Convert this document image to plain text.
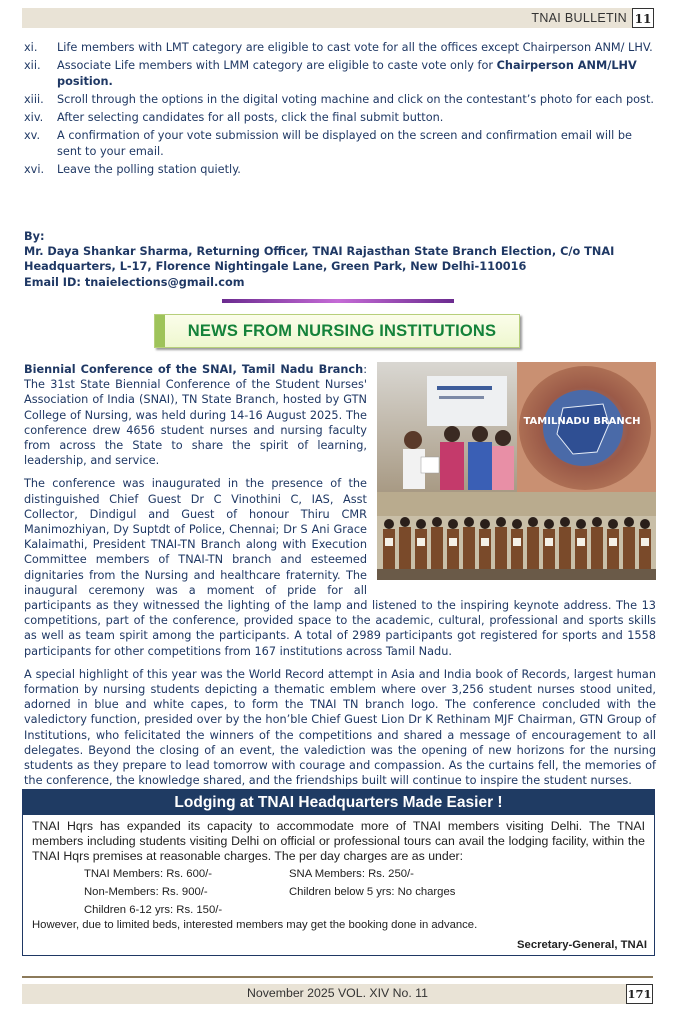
TNAI BULLETIN 11
xi. Life members with LMT category are eligible to cast vote for all the offices except Chairperson ANM/ LHV.
xii. Associate Life members with LMM category are eligible to caste vote only for Chairperson ANM/LHV position.
xiii. Scroll through the options in the digital voting machine and click on the contestant’s photo for each post.
xiv. After selecting candidates for all posts, click the final submit button.
xv. A confirmation of your vote submission will be displayed on the screen and confirmation email will be sent to your email.
xvi. Leave the polling station quietly.
By:
Mr. Daya Shankar Sharma, Returning Officer, TNAI Rajasthan State Branch Election, C/o TNAI Headquarters, L-17, Florence Nightingale Lane, Green Park, New Delhi-110016
Email ID: tnaielections@gmail.com
NEWS FROM NURSING INSTITUTIONS
TAMILNADU BRANCH

Biennial Conference of the SNAI, Tamil Nadu Branch: The 31st State Biennial Conference of the Student Nurses' Association of India (SNAI), TN State Branch, hosted by GTN College of Nursing, was held during 14-16 August 2025. The conference drew 4656 student nurses and nursing faculty from across the State to share the spirit of learning, leadership, and service.

The conference was inaugurated in the presence of the distinguished Chief Guest Dr C Vinothini C, IAS, Asst Collector, Dindigul and Guest of honour Thiru CMR Manimozhiyan, Dy Suptdt of Police, Chennai; Dr S Ani Grace Kalaimathi, President TNAI-TN Branch along with Execution Committee members of TNAI-TN branch and esteemed dignitaries from the Nursing and healthcare fraternity. The inaugural ceremony was a moment of pride for all participants as they witnessed the lighting of the lamp and listened to the inspiring keynote address. The 13 competitions, part of the conference, provided space to the academic, cultural, professional and sports skills as well as team spirit among the participants. A total of 2989 participants got registered for sports and 1558 participants for other competitions from 167 institutions across Tamil Nadu.

A special highlight of this year was the World Record attempt in Asia and India book of Records, largest human formation by nursing students depicting a thematic emblem where over 3,256 student nurses stood united, adorned in blue and white capes, to form the TNAI TN branch logo. The conference concluded with the valedictory function, presided over by the hon’ble Chief Guest Lion Dr K Rethinam MJF Chairman, GTN Group of Institutions, who felicitated the winners of the competitions and shared a message of encouragement to all delegates. Beyond the closing of an event, the valediction was the opening of new horizons for the nursing students as they prepare to lead tomorrow with courage and compassion. As the curtains fell, the memories of the conference, the knowledge shared, and the friendships built will continue to inspire the student nurses.

Lodging at TNAI Headquarters Made Easier !
TNAI Hqrs has expanded its capacity to accommodate more of TNAI members visiting Delhi. The TNAI members including students visiting Delhi on official or professional tours can avail the lodging facility, within the TNAI Hqrs premises at reasonable charges. The per day charges are as under:
TNAI Members: Rs. 600/-	SNA Members: Rs. 250/-
Non-Members: Rs. 900/-	Children below 5 yrs: No charges
Children 6-12 yrs: Rs. 150/-
However, due to limited beds, interested members may get the booking done in advance.
Secretary-General, TNAI
November 2025 VOL. XIV No. 11	171
